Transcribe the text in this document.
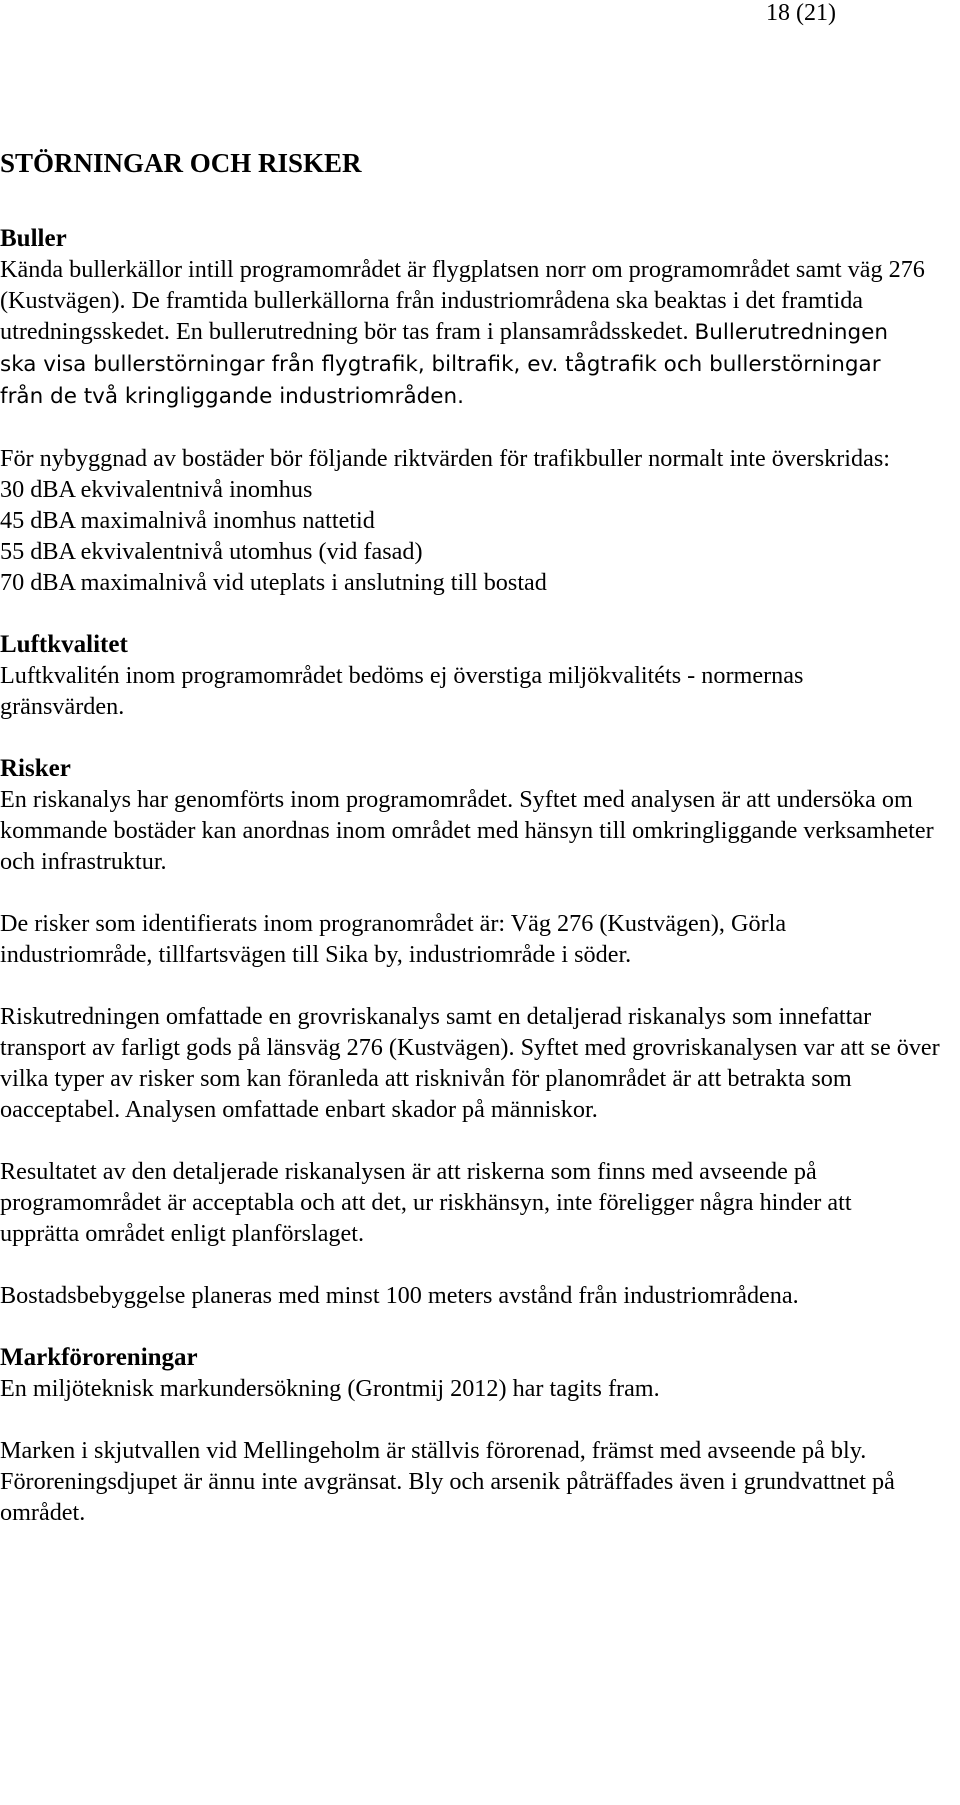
18 (21)
STÖRNINGAR OCH RISKER
Buller

Kända bullerkällor intill programområdet är flygplatsen norr om programområdet samt väg 276 (Kustvägen). De framtida bullerkällorna från industriområdena ska beaktas i det framtida utredningsskedet. En bullerutredning bör tas fram i plansamrådsskedet. Bullerutredningen ska visa bullerstörningar från flygtrafik, biltrafik, ev. tågtrafik och bullerstörningar från de två kringliggande industriområden.

För nybyggnad av bostäder bör följande riktvärden för trafikbuller normalt inte överskridas:

30 dBA ekvivalentnivå inomhus
45 dBA maximalnivå inomhus nattetid
55 dBA ekvivalentnivå utomhus (vid fasad)
70 dBA maximalnivå vid uteplats i anslutning till bostad
Luftkvalitet

Luftkvalitén inom programområdet bedöms ej överstiga miljökvalitéts - normernas gränsvärden.

Risker

En riskanalys har genomförts inom programområdet. Syftet med analysen är att undersöka om kommande bostäder kan anordnas inom området med hänsyn till omkringliggande verksamheter och infrastruktur.

De risker som identifierats inom progranområdet är: Väg 276 (Kustvägen), Görla industriområde, tillfartsvägen till Sika by, industriområde i söder.

Riskutredningen omfattade en grovriskanalys samt en detaljerad riskanalys som innefattar transport av farligt gods på länsväg 276 (Kustvägen). Syftet med grovriskanalysen var att se över vilka typer av risker som kan föranleda att risknivån för planområdet är att betrakta som oacceptabel. Analysen omfattade enbart skador på människor.

Resultatet av den detaljerade riskanalysen är att riskerna som finns med avseende på programområdet är acceptabla och att det, ur riskhänsyn, inte föreligger några hinder att upprätta området enligt planförslaget.

Bostadsbebyggelse planeras med minst 100 meters avstånd från industriområdena.

Markföroreningar

En miljöteknisk markundersökning (Grontmij 2012) har tagits fram.

Marken i skjutvallen vid Mellingeholm är ställvis förorenad, främst med avseende på bly. Föroreningsdjupet är ännu inte avgränsat. Bly och arsenik påträffades även i grundvattnet på området.
